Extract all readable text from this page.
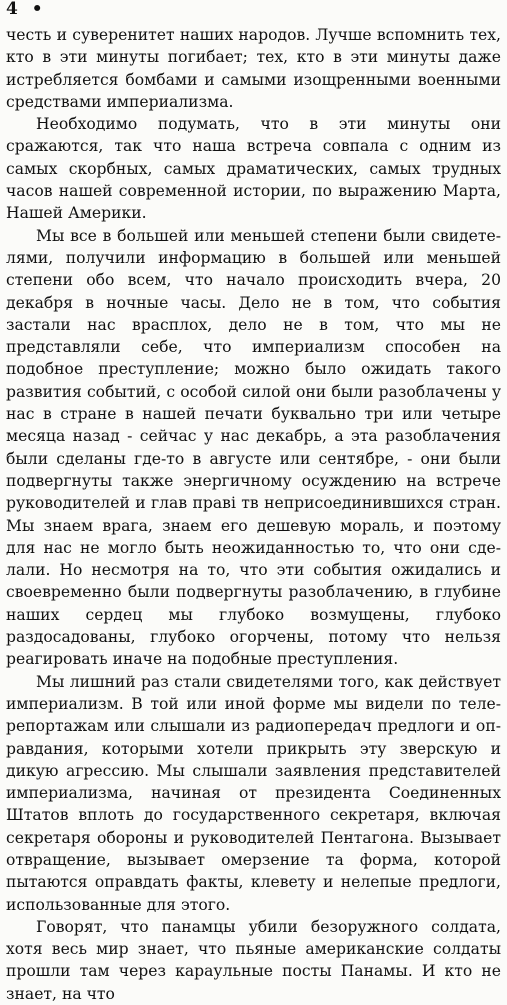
4 •

честь и суверенитет наших народов. Лучше вспомнить тех, кто в эти минуты погибает; тех, кто в эти минуты даже истребляется бомбами и самыми изощренными военными средствами империализма.

Необходимо подумать, что в эти минуты они сражаются, так что наша встреча совпала с одним из самых скорбных, самых драматических, самых трудных часов нашей современной истории, по выражению Марта, Нашей Америки.

Мы все в большей или меньшей степени были свидетелями, получили информацию в большей или меньшей степени обо всем, что начало происходить вчера, 20 декабря в ночные часы. Дело не в том, что события застали нас врасплох, дело не в том, что мы не представляли себе, что империализм способен на подобное преступление; можно было ожидать такого развития событий, с особой силой они были разоблачены у нас в стране в нашей печати буквально три или четыре месяца назад - сейчас у нас декабрь, а эта разоблачения были сделаны где-то в августе или сентябре, - они были подвергнуты также энергичному осуждению на встрече руководителей и глав праві тв неприсоединившихся стран. Мы знаем врага, знаем его дешевую мораль, и поэтому для нас не могло быть неожиданностью то, что они сделали. Но несмотря на то, что эти события ожидались и своевременно были подвергнуты разоблачению, в глубине наших сердец мы глубоко возмущены, глубоко раздосадованы, глубоко огорчены, потому что нельзя реагировать иначе на подобные преступления.

Мы лишний раз стали свидетелями того, как действует империализм. В той или иной форме мы видели по телерепортажам или слышали из радиопередач предлоги и оправдания, которыми хотели прикрыть эту зверскую и дикую агрессию. Мы слышали заявления представителей империализма, начиная от президента Соединенных Штатов вплоть до государственного секретаря, включая секретаря обороны и руководителей Пентагона. Вызывает отвращение, вызывает омерзение та форма, которой пытаются оправдать факты, клевету и нелепые предлоги, использованные для этого.

Говорят, что панамцы убили безоружного солдата, хотя весь мир знает, что пьяные американские солдаты прошли там через караульные посты Панамы. И кто не знает, на что
